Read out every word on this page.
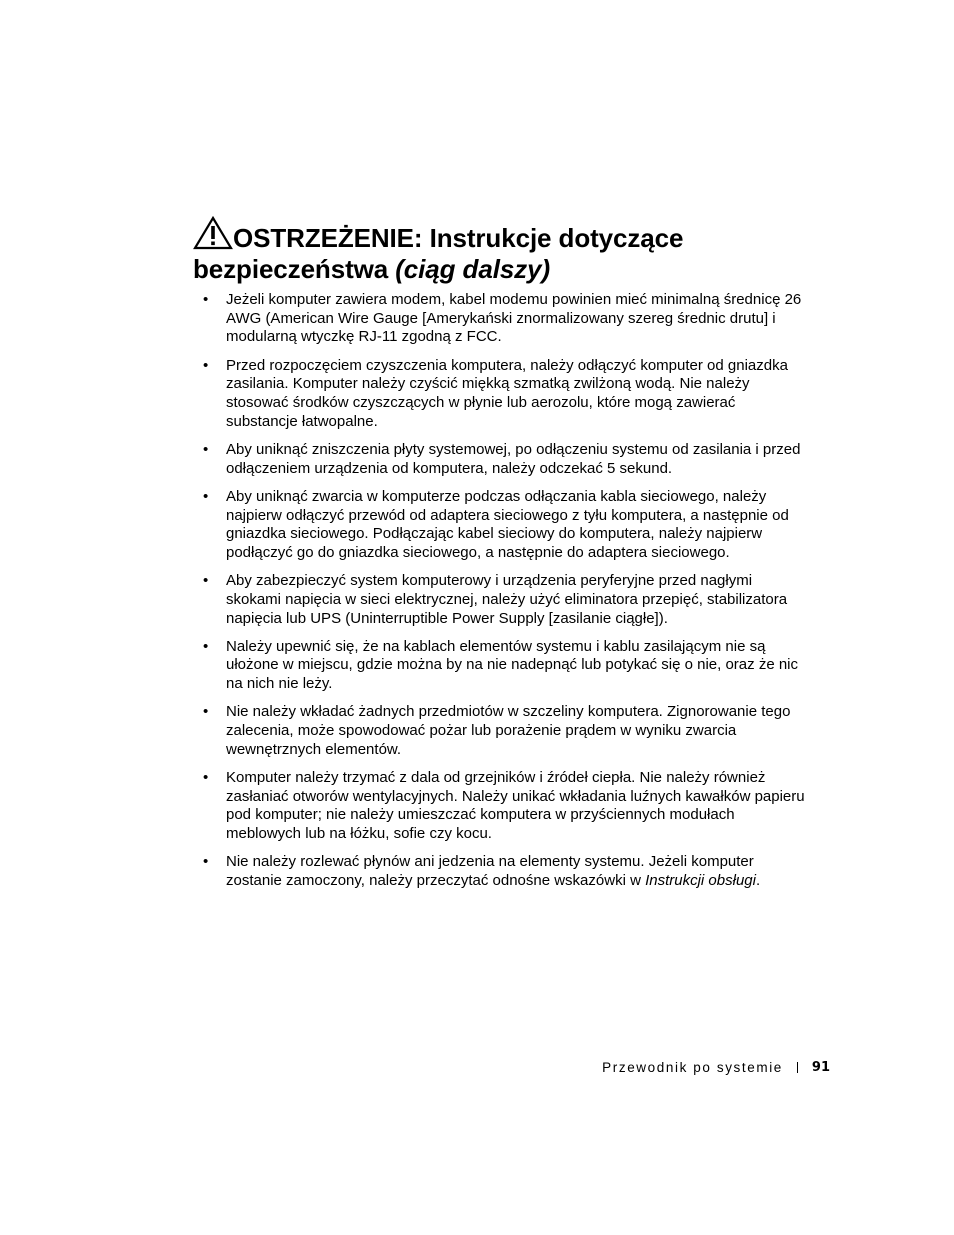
OSTRZEŻENIE: Instrukcje dotyczące bezpieczeństwa (ciąg dalszy)
• Jeżeli komputer zawiera modem, kabel modemu powinien mieć minimalną średnicę 26 AWG (American Wire Gauge [Amerykański znormalizowany szereg średnic drutu] i modularną wtyczkę RJ-11 zgodną z FCC.
• Przed rozpoczęciem czyszczenia komputera, należy odłączyć komputer od gniazdka zasilania. Komputer należy czyścić miękką szmatką zwilżoną wodą. Nie należy stosować środków czyszczących w płynie lub aerozolu, które mogą zawierać substancje łatwopalne.
• Aby uniknąć zniszczenia płyty systemowej, po odłączeniu systemu od zasilania i przed odłączeniem urządzenia od komputera, należy odczekać 5 sekund.
• Aby uniknąć zwarcia w komputerze podczas odłączania kabla sieciowego, należy najpierw odłączyć przewód od adaptera sieciowego z tyłu komputera, a następnie od gniazdka sieciowego. Podłączając kabel sieciowy do komputera, należy najpierw podłączyć go do gniazdka sieciowego, a następnie do adaptera sieciowego.
• Aby zabezpieczyć system komputerowy i urządzenia peryferyjne przed nagłymi skokami napięcia w sieci elektrycznej, należy użyć eliminatora przepięć, stabilizatora napięcia lub UPS (Uninterruptible Power Supply [zasilanie ciągłe]).
• Należy upewnić się, że na kablach elementów systemu i kablu zasilającym nie są ułożone w miejscu, gdzie można by na nie nadepnąć lub potykać się o nie, oraz że nic na nich nie leży.
• Nie należy wkładać żadnych przedmiotów w szczeliny komputera. Zignorowanie tego zalecenia, może spowodować pożar lub porażenie prądem w wyniku zwarcia wewnętrznych elementów.
• Komputer należy trzymać z dala od grzejników i źródeł ciepła. Nie należy również zasłaniać otworów wentylacyjnych. Należy unikać wkładania luźnych kawałków papieru pod komputer; nie należy umieszczać komputera w przyściennych modułach meblowych lub na łóżku, sofie czy kocu.
• Nie należy rozlewać płynów ani jedzenia na elementy systemu. Jeżeli komputer zostanie zamoczony, należy przeczytać odnośne wskazówki w Instrukcji obsługi.
Przewodnik po systemie 91
